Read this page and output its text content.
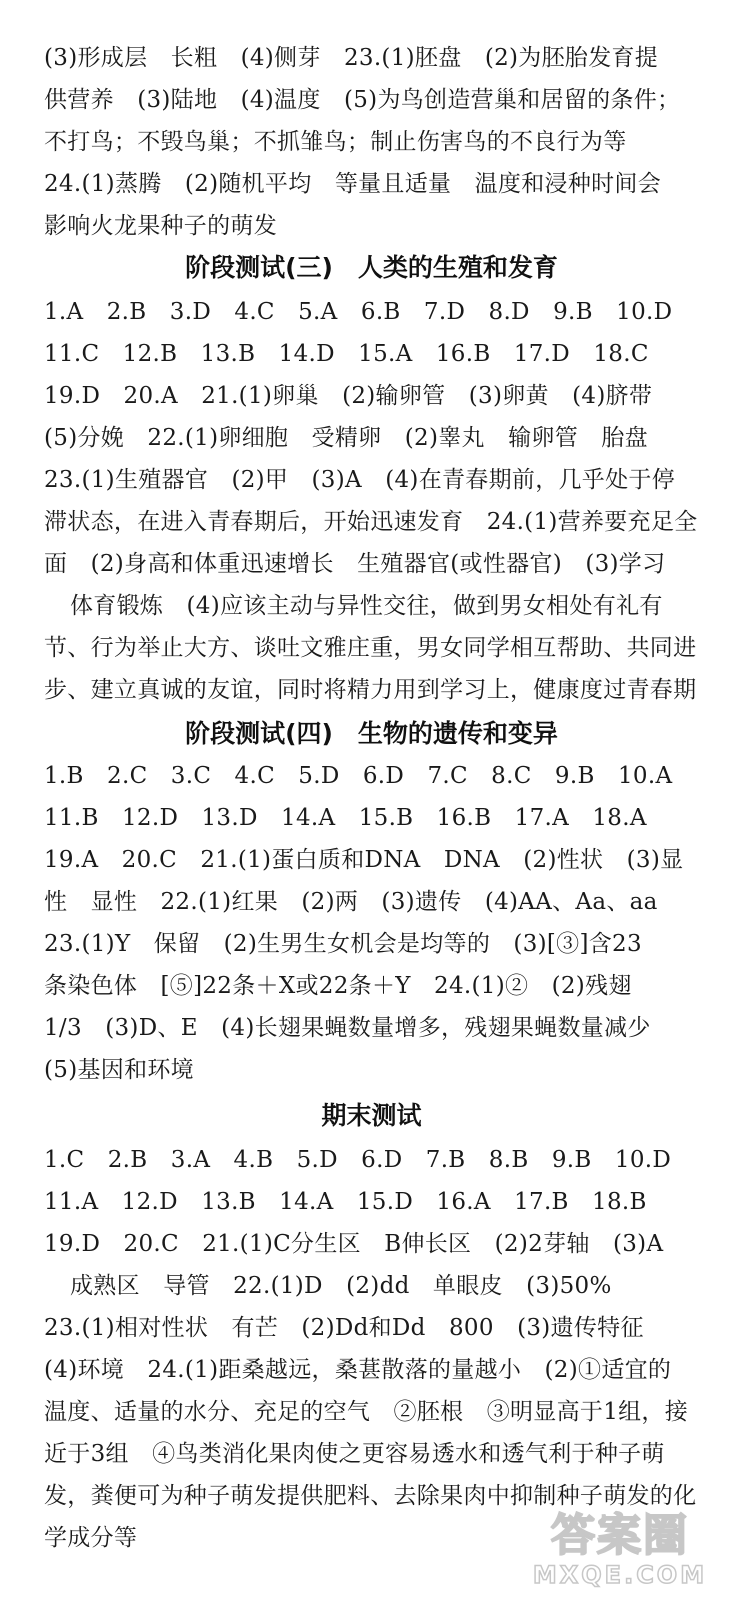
(3)形成层　长粗　(4)侧芽　23.(1)胚盘　(2)为胚胎发育提
供营养　(3)陆地　(4)温度　(5)为鸟创造营巢和居留的条件；
不打鸟；不毁鸟巢；不抓雏鸟；制止伤害鸟的不良行为等
24.(1)蒸腾　(2)随机平均　等量且适量　温度和浸种时间会
影响火龙果种子的萌发
阶段测试(三)　人类的生殖和发育
1.A　2.B　3.D　4.C　5.A　6.B　7.D　8.D　9.B　10.D
11.C　12.B　13.B　14.D　15.A　16.B　17.D　18.C
19.D　20.A　21.(1)卵巢　(2)输卵管　(3)卵黄　(4)脐带
(5)分娩　22.(1)卵细胞　受精卵　(2)睾丸　输卵管　胎盘
23.(1)生殖器官　(2)甲　(3)A　(4)在青春期前，几乎处于停
滞状态，在进入青春期后，开始迅速发育　24.(1)营养要充足全
面　(2)身高和体重迅速增长　生殖器官(或性器官)　(3)学习
体育锻炼　(4)应该主动与异性交往，做到男女相处有礼有
节、行为举止大方、谈吐文雅庄重，男女同学相互帮助、共同进
步、建立真诚的友谊，同时将精力用到学习上，健康度过青春期
阶段测试(四)　生物的遗传和变异
1.B　2.C　3.C　4.C　5.D　6.D　7.C　8.C　9.B　10.A
11.B　12.D　13.D　14.A　15.B　16.B　17.A　18.A
19.A　20.C　21.(1)蛋白质和DNA　DNA　(2)性状　(3)显
性　显性　22.(1)红果　(2)两　(3)遗传　(4)AA、Aa、aa
23.(1)Y　保留　(2)生男生女机会是均等的　(3)[③]含23
条染色体　[⑤]22条＋X或22条＋Y　24.(1)②　(2)残翅
1/3　(3)D、E　(4)长翅果蝇数量增多，残翅果蝇数量减少
(5)基因和环境
期末测试
1.C　2.B　3.A　4.B　5.D　6.D　7.B　8.B　9.B　10.D
11.A　12.D　13.B　14.A　15.D　16.A　17.B　18.B
19.D　20.C　21.(1)C分生区　B伸长区　(2)2芽轴　(3)A
成熟区　导管　22.(1)D　(2)dd　单眼皮　(3)50%
23.(1)相对性状　有芒　(2)Dd和Dd　800　(3)遗传特征
(4)环境　24.(1)距桑越远，桑葚散落的量越小　(2)①适宜的
温度、适量的水分、充足的空气　②胚根　③明显高于1组，接
近于3组　④鸟类消化果肉使之更容易透水和透气利于种子萌
发，粪便可为种子萌发提供肥料、去除果肉中抑制种子萌发的化
学成分等	答案圈
MXQE.COM
